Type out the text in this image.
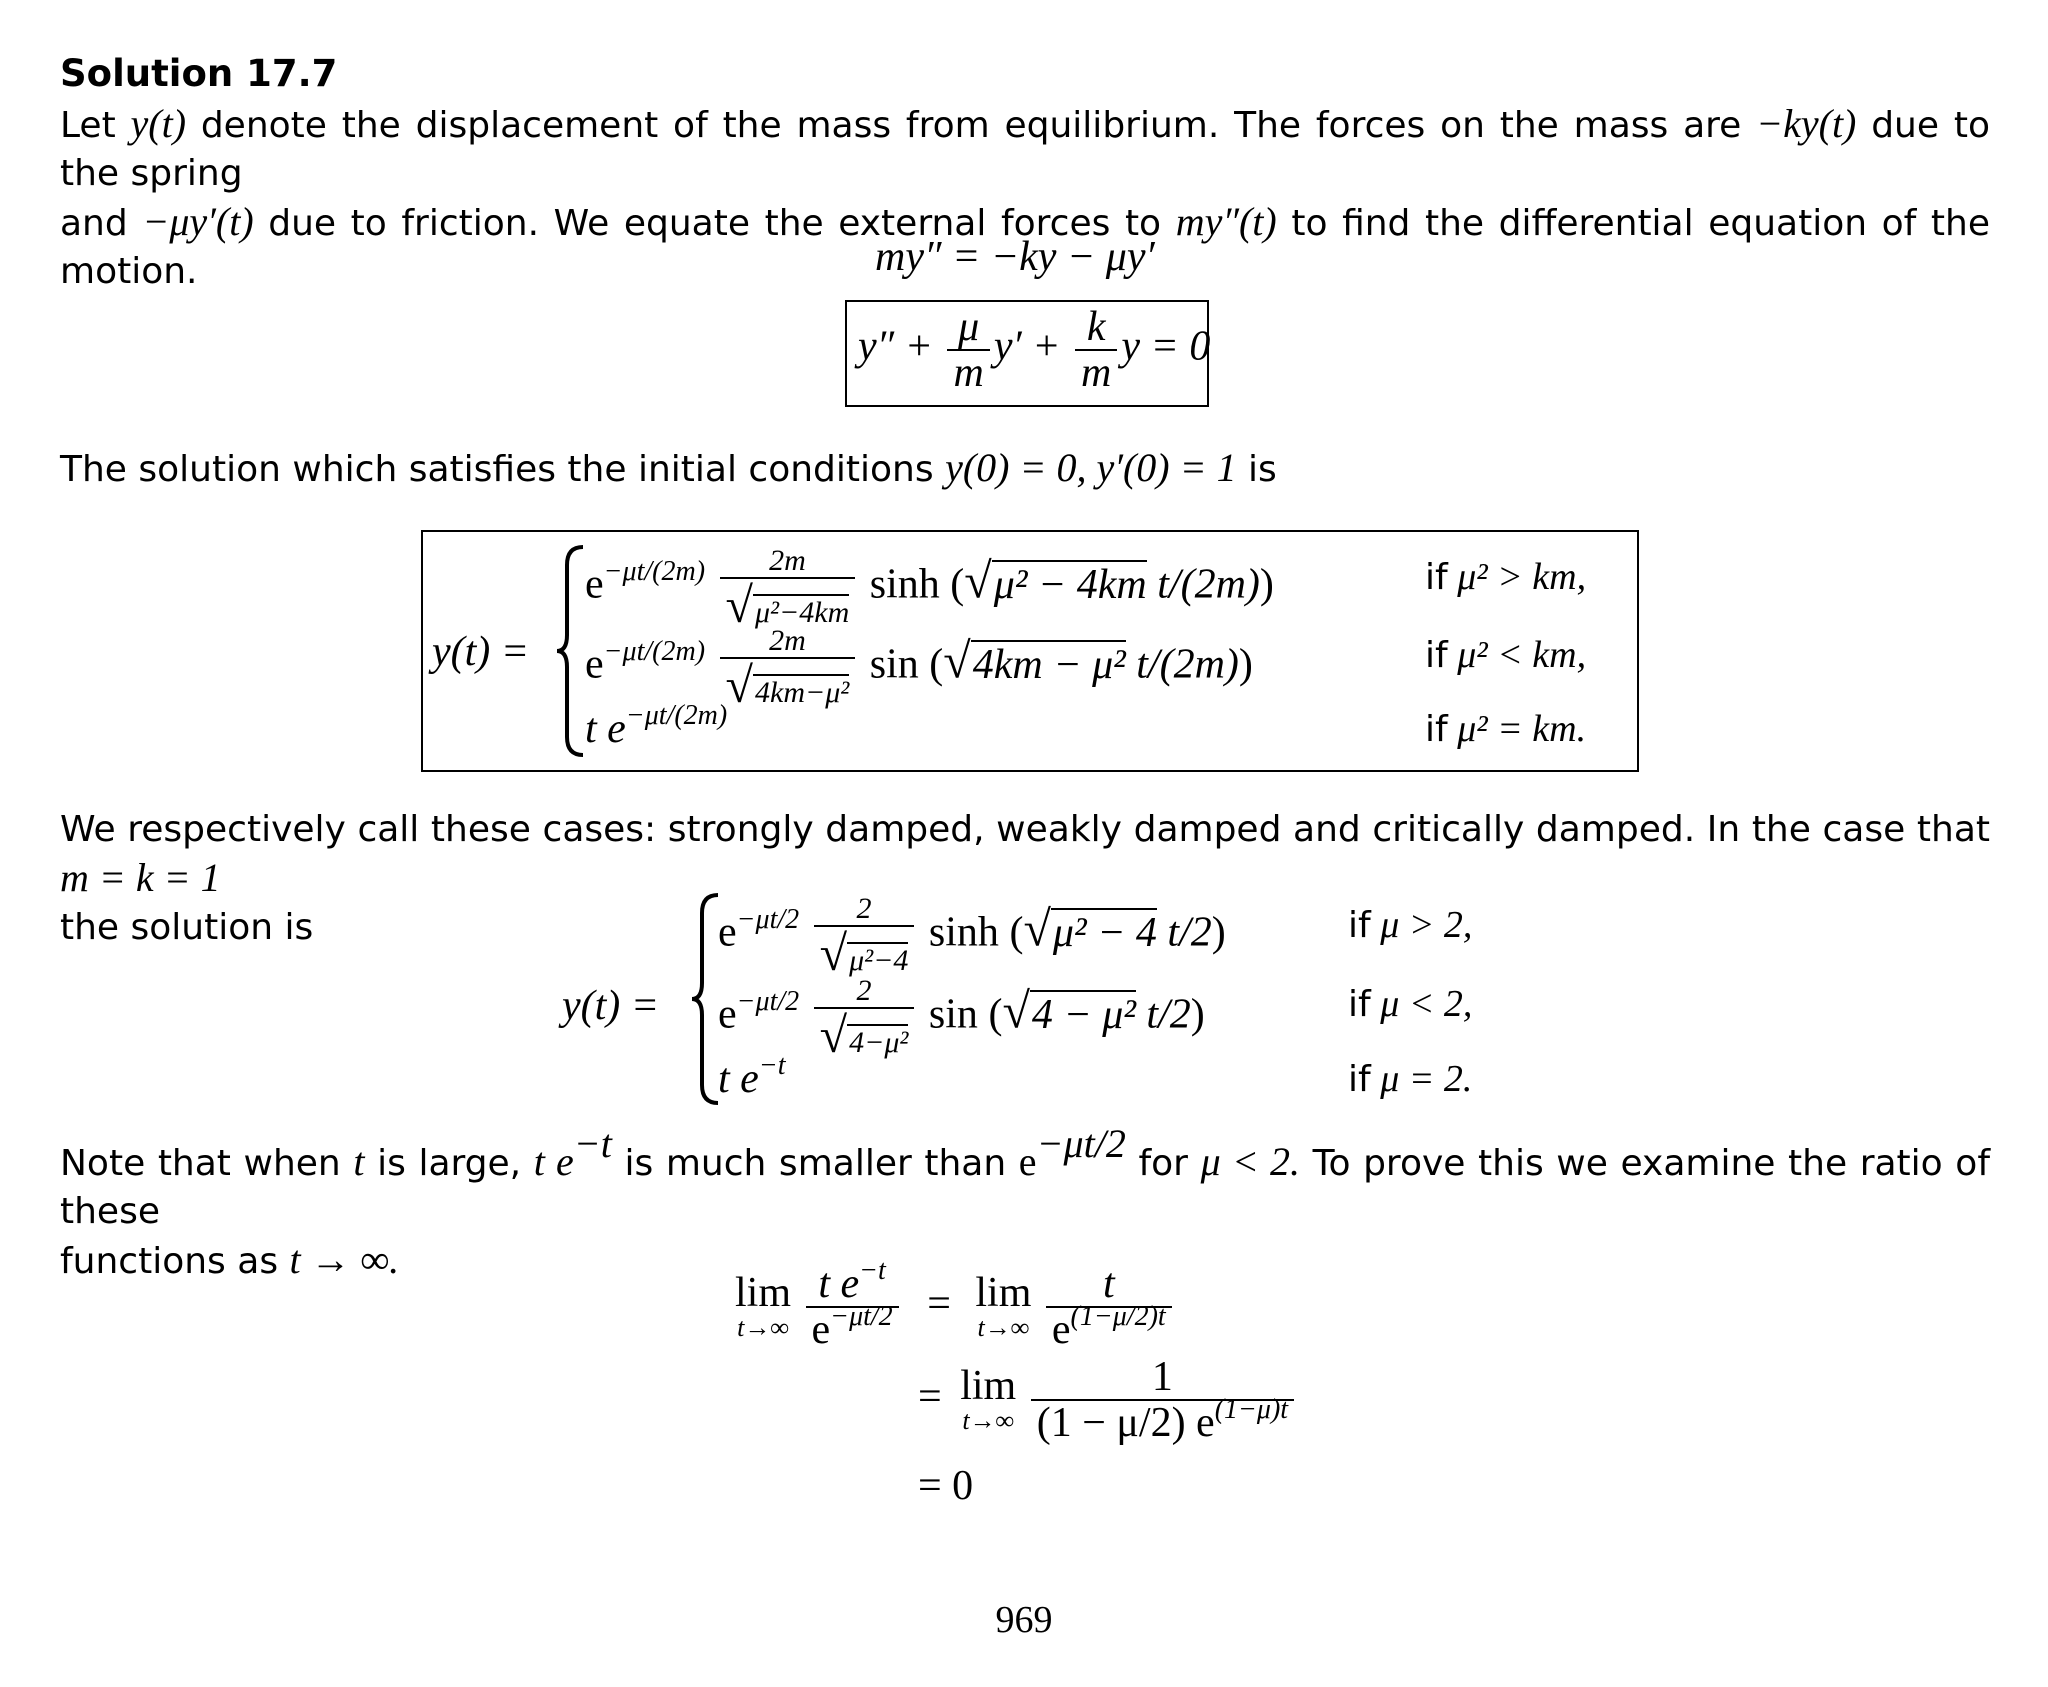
Solution 17.7
Let y(t) denote the displacement of the mass from equilibrium. The forces on the mass are −ky(t) due to the spring
and −μy′(t) due to friction. We equate the external forces to my″(t) to find the differential equation of the motion.	my″ = −ky − μy′
$y'' + \frac{\mu}{m} y' + \frac{k}{m}$ y = 0
The solution which satisfies the initial conditions y(0) = 0, y′(0) = 1 is
y(t) =
$e^{-\mu t/(2m)} \frac{2m}{\text{√μ²−4km}}$ sinh (√μ² − 4km t/(2m))	if μ² > km,
$e^{-\mu t/(2m)} \frac{2m}{\text{√4km−μ²}}$ sin (√4km − μ² t/(2m))	if μ² < km,
t $e^{-\mu t/(2m)}$	if μ² = km.
We respectively call these cases: strongly damped, weakly damped and critically damped. In the case that m = k = 1
the solution is
y(t) =
$e^{-\mu t/2} \frac{2}{\text{√μ²−4}}$ sinh (√μ² − 4 t/2)	if μ > 2,
$e^{-\mu t/2} \frac{2}{\text{√4−μ²}}$ sin (√4 − μ² t/2)	if μ < 2,
t $e^{-t}$	if μ = 2.
Note that when t is large, t e−t is much smaller than e−μt/2 for μ < 2. To prove this we examine the ratio of these
functions as t → ∞.
lim
t→∞
$\frac{t e^{-t}}{e^{-\mu t/2}} = \lim$
t→∞
$\frac{t}{e^{(1-\mu/2)t}}$
= lim
t→∞
$\frac{1}{(1 - \mu/2) e^{(1-\mu)t}}$
= 0
969
